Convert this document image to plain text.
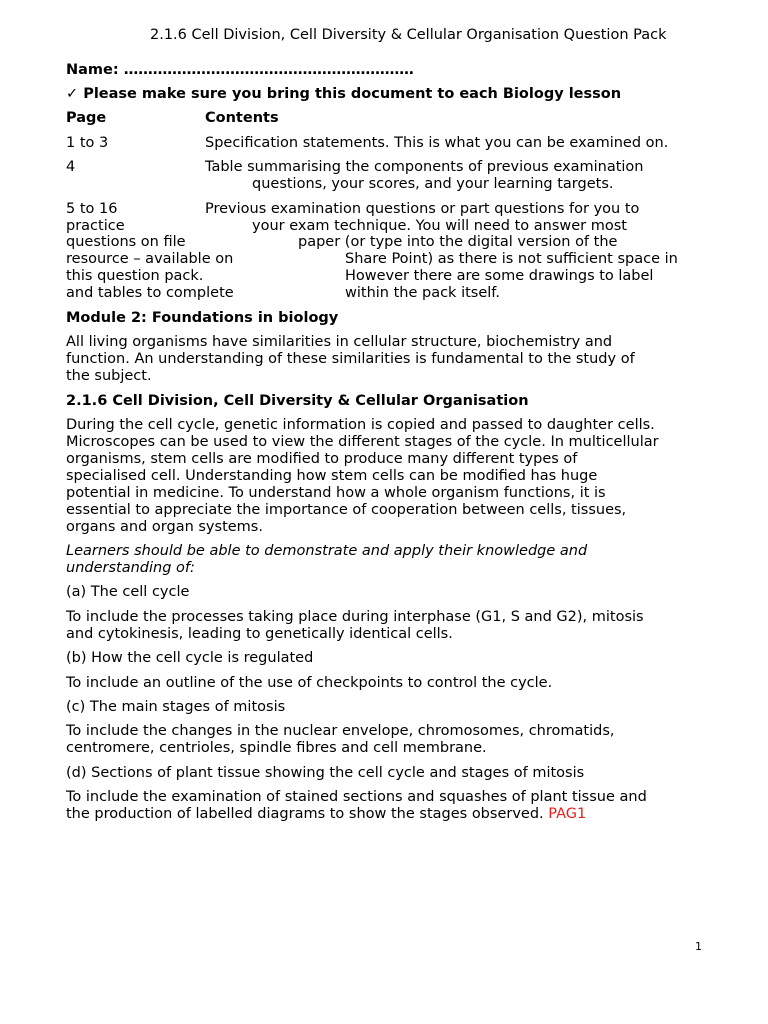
2.1.6 Cell Division, Cell Diversity & Cellular Organisation Question Pack
Name: ……………………………………………………
✓ Please make sure you bring this document to each Biology lesson
Page	Contents
1 to 3	Specification statements. This is what you can be examined on.
4	Table summarising the components of previous examination
questions, your scores, and your learning targets.
5 to 16	Previous examination questions or part questions for you to
practice	your exam technique. You will need to answer most
questions on file	paper (or type into the digital version of the
resource – available on	Share Point) as there is not sufficient space in
this question pack.	However there are some drawings to label
and tables to complete	within the pack itself.
Module 2: Foundations in biology
All living organisms have similarities in cellular structure, biochemistry and
function. An understanding of these similarities is fundamental to the study of
the subject.
2.1.6 Cell Division, Cell Diversity & Cellular Organisation
During the cell cycle, genetic information is copied and passed to daughter cells.
Microscopes can be used to view the different stages of the cycle. In multicellular
organisms, stem cells are modified to produce many different types of
specialised cell. Understanding how stem cells can be modified has huge
potential in medicine. To understand how a whole organism functions, it is
essential to appreciate the importance of cooperation between cells, tissues,
organs and organ systems.
Learners should be able to demonstrate and apply their knowledge and
understanding of:
(a) The cell cycle
To include the processes taking place during interphase (G1, S and G2), mitosis
and cytokinesis, leading to genetically identical cells.
(b) How the cell cycle is regulated
To include an outline of the use of checkpoints to control the cycle.
(c) The main stages of mitosis
To include the changes in the nuclear envelope, chromosomes, chromatids,
centromere, centrioles, spindle fibres and cell membrane.
(d) Sections of plant tissue showing the cell cycle and stages of mitosis
To include the examination of stained sections and squashes of plant tissue and
the production of labelled diagrams to show the stages observed. PAG1
1
